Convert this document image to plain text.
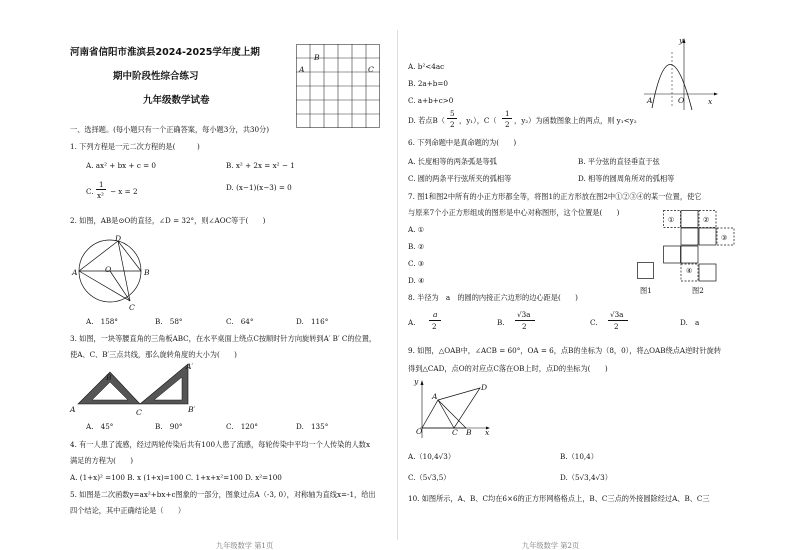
河南省信阳市淮滨县2024-2025学年度上期
期中阶段性综合练习
九年级数学试卷
A
B
C
一、选择题。(每小题只有一个正确答案，每小题3分，共30分)
1. 下列方程是一元二次方程的是(　　　)
A. ax² + bx + c = 0	B. x² + 2x = x² − 1
C.
1
x² − x = 2	D. (x−1)(x−3) = 0
2. 如图，AB是⊙O的直径，∠D = 32°，则∠AOC等于(　　)
A	B
C
D
O
A.　158°	B.　58°	C.　64°	D.　116°
3. 如图，一块等腰直角的三角板ABC，在水平桌面上绕点C按顺时针方向旋转到A′ B′ C的位置，
使A、C、B′三点共线，那么旋转角度的大小为(　　)
A
B
C
A′
B′
A.　45°	B.　90°	C.　120°	D.　135°
4. 有一人患了流感，经过两轮传染后共有100人患了流感，每轮传染中平均一个人传染的人数x
满足的方程为(　　)
A. (1+x)² =100 B. x (1+x)=100 C. 1+x+x²=100 D. x²=100
5. 如图是二次函数y=ax²+bx+c图象的一部分，图象过点A（-3, 0），对称轴为直线x=-1，给出
四个结论，其中正确结论是（　　）
九年级数学 第1页
y
x
O
A
A. b²<4ac
B. 2a+b=0
C. a+b+c>0
D. 若点B（
5
2 ，y₁），C（
1
2 ，y₂）为函数图象上的两点，则 y₁<y₂
6. 下列命题中是真命题的为(　　)
A. 长度相等的两条弧是等弧	B. 平分弦的直径垂直于弦
C. 圆的两条平行弦所夹的弧相等	D. 相等的圆周角所对的弧相等
7. 图1和图2中所有的小正方形都全等，将图1的正方形放在图2中①②③④的某一位置，使它
与原来7个小正方形组成的图形是中心对称图形，这个位置是(　　)
A. ①
B. ②
C. ③
D. ④
图1
①	②
③
④
图2
8. 半径为　a　的圆的内接正六边形的边心距是(　　)
A.
a
2	B.
√3a
2	C.
√3a
2	D.　a
9. 如图，△OAB中，∠ACB = 60°，OA = 6，点B的坐标为（8，0），将△OAB绕点A逆时针旋转
得到△CAD，点O的对应点C落在OB上时，点D的坐标为(　　)
y
A
D
O	C B x
A.（10,4√3）	B.（10,4）
C.（5√3,5）	D.（5√3,4√3）
10. 如图所示，A、B、C均在6×6的正方形网格格点上，B、C三点的外接圆除经过A、B、C三
九年级数学 第2页
